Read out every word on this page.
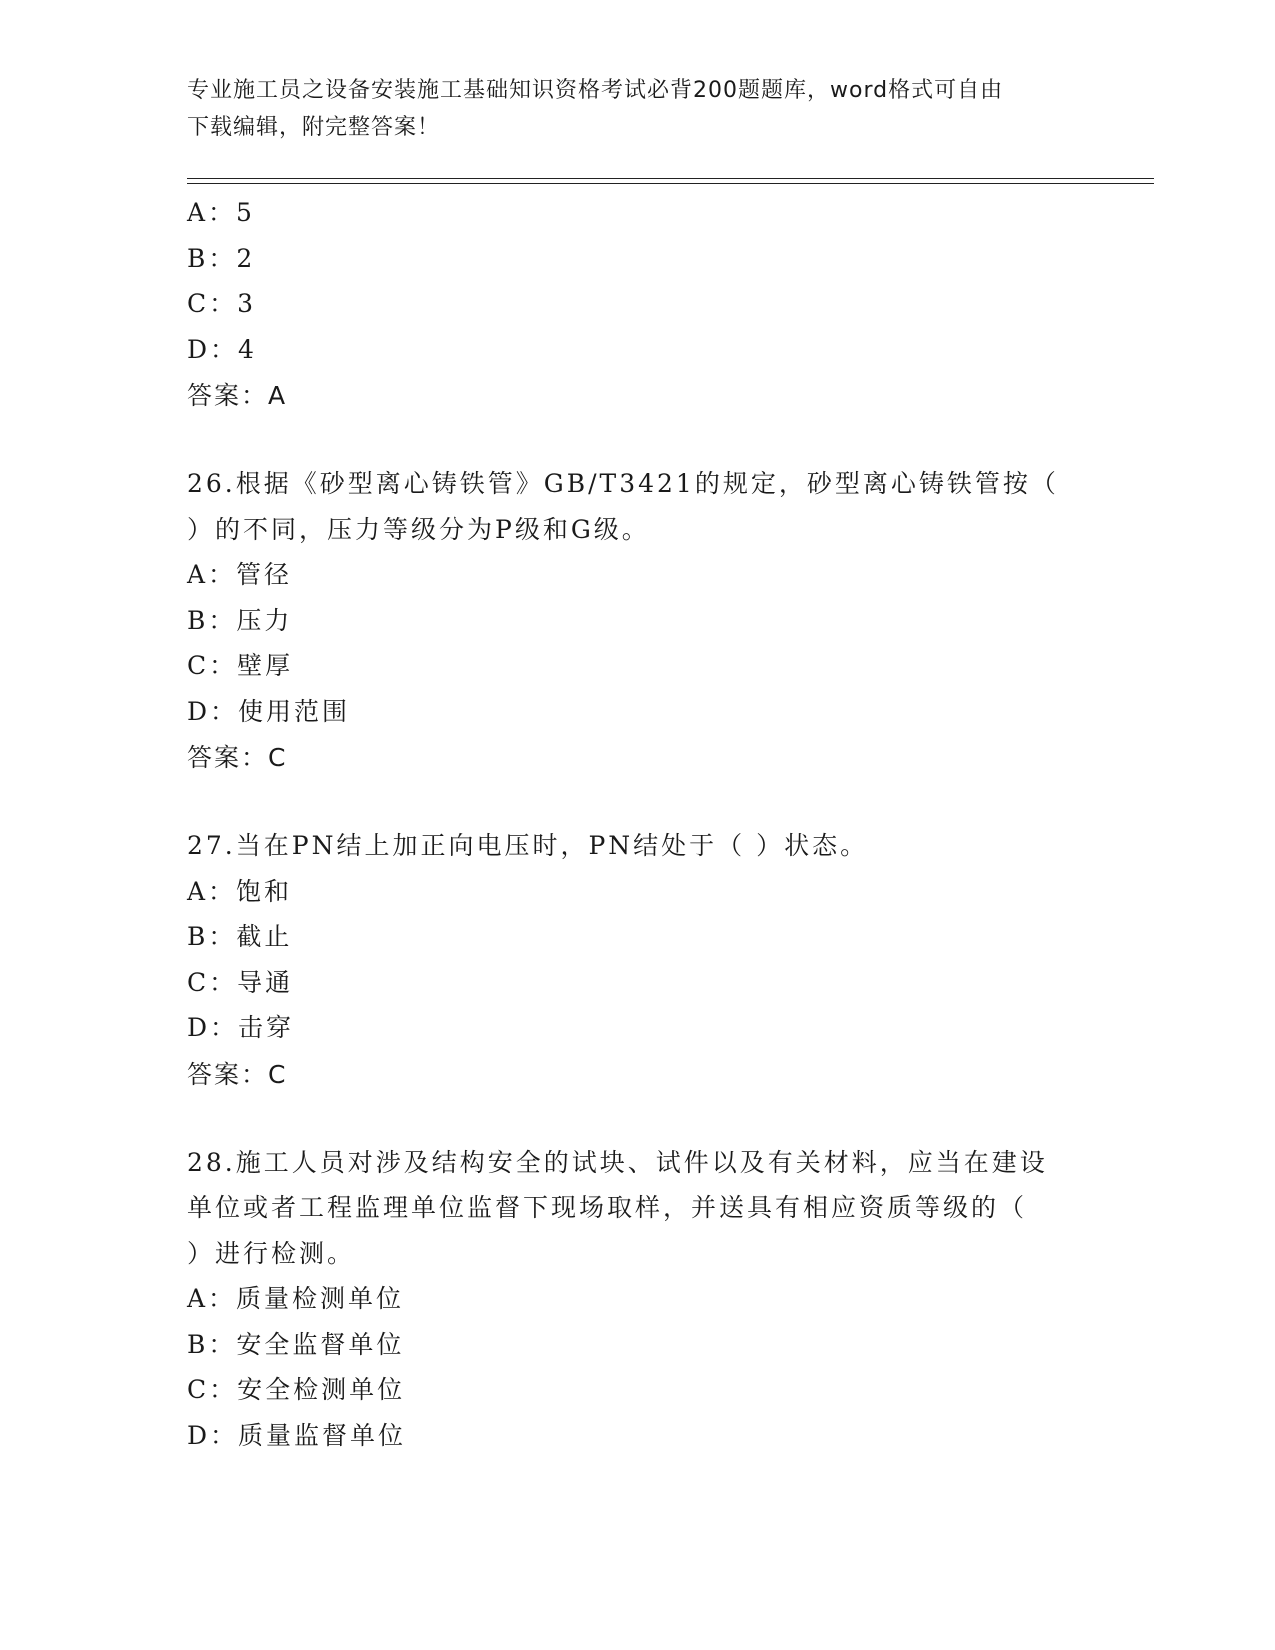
专业施工员之设备安装施工基础知识资格考试必背200题题库，word格式可自由
下载编辑，附完整答案！
A：5
B：2
C：3
D：4
答案：A
26.根据《砂型离心铸铁管》GB/T3421的规定，砂型离心铸铁管按（
）的不同，压力等级分为P级和G级。
A：管径
B：压力
C：壁厚
D：使用范围
答案：C
27.当在PN结上加正向电压时，PN结处于（ ）状态。
A：饱和
B：截止
C：导通
D：击穿
答案：C
28.施工人员对涉及结构安全的试块、试件以及有关材料，应当在建设
单位或者工程监理单位监督下现场取样，并送具有相应资质等级的（
）进行检测。
A：质量检测单位
B：安全监督单位
C：安全检测单位
D：质量监督单位
